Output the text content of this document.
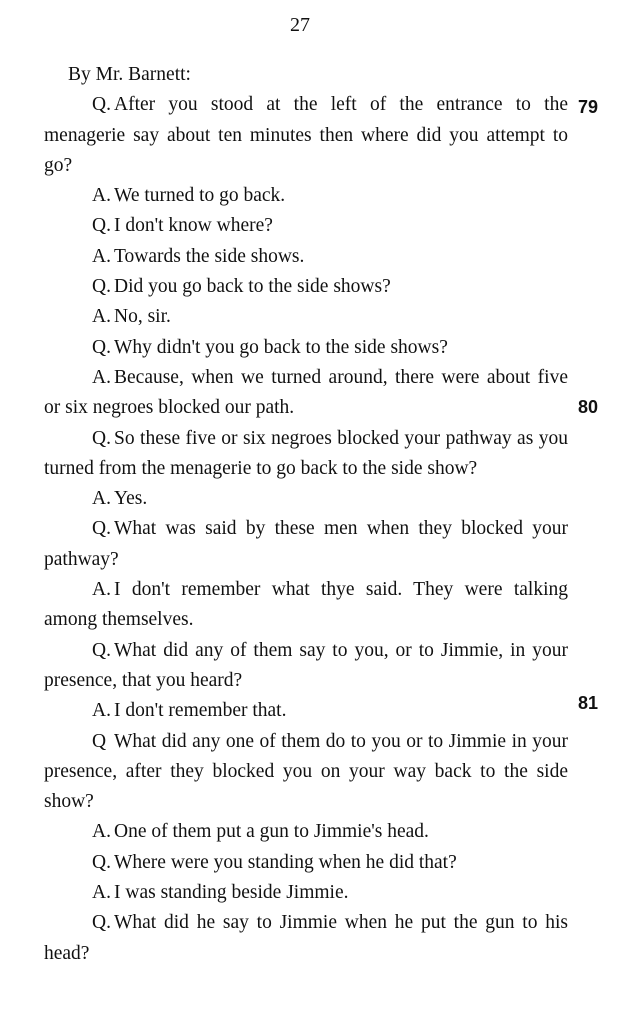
27

By Mr. Barnett:

Q. After you stood at the left of the entrance to the menagerie say about ten minutes then where did you attempt to go?

A. We turned to go back.

Q. I don't know where?

A. Towards the side shows.

Q. Did you go back to the side shows?

A. No, sir.

Q. Why didn't you go back to the side shows?

A. Because, when we turned around, there were about five or six negroes blocked our path.

Q. So these five or six negroes blocked your pathway as you turned from the menagerie to go back to the side show?

A. Yes.

Q. What was said by these men when they blocked your pathway?

A. I don't remember what thye said. They were talking among themselves.

Q. What did any of them say to you, or to Jimmie, in your presence, that you heard?

A. I don't remember that.

Q What did any one of them do to you or to Jimmie in your presence, after they blocked you on your way back to the side show?

A. One of them put a gun to Jimmie's head.

Q. Where were you standing when he did that?

A. I was standing beside Jimmie.

Q. What did he say to Jimmie when he put the gun to his head?

79
80
81
